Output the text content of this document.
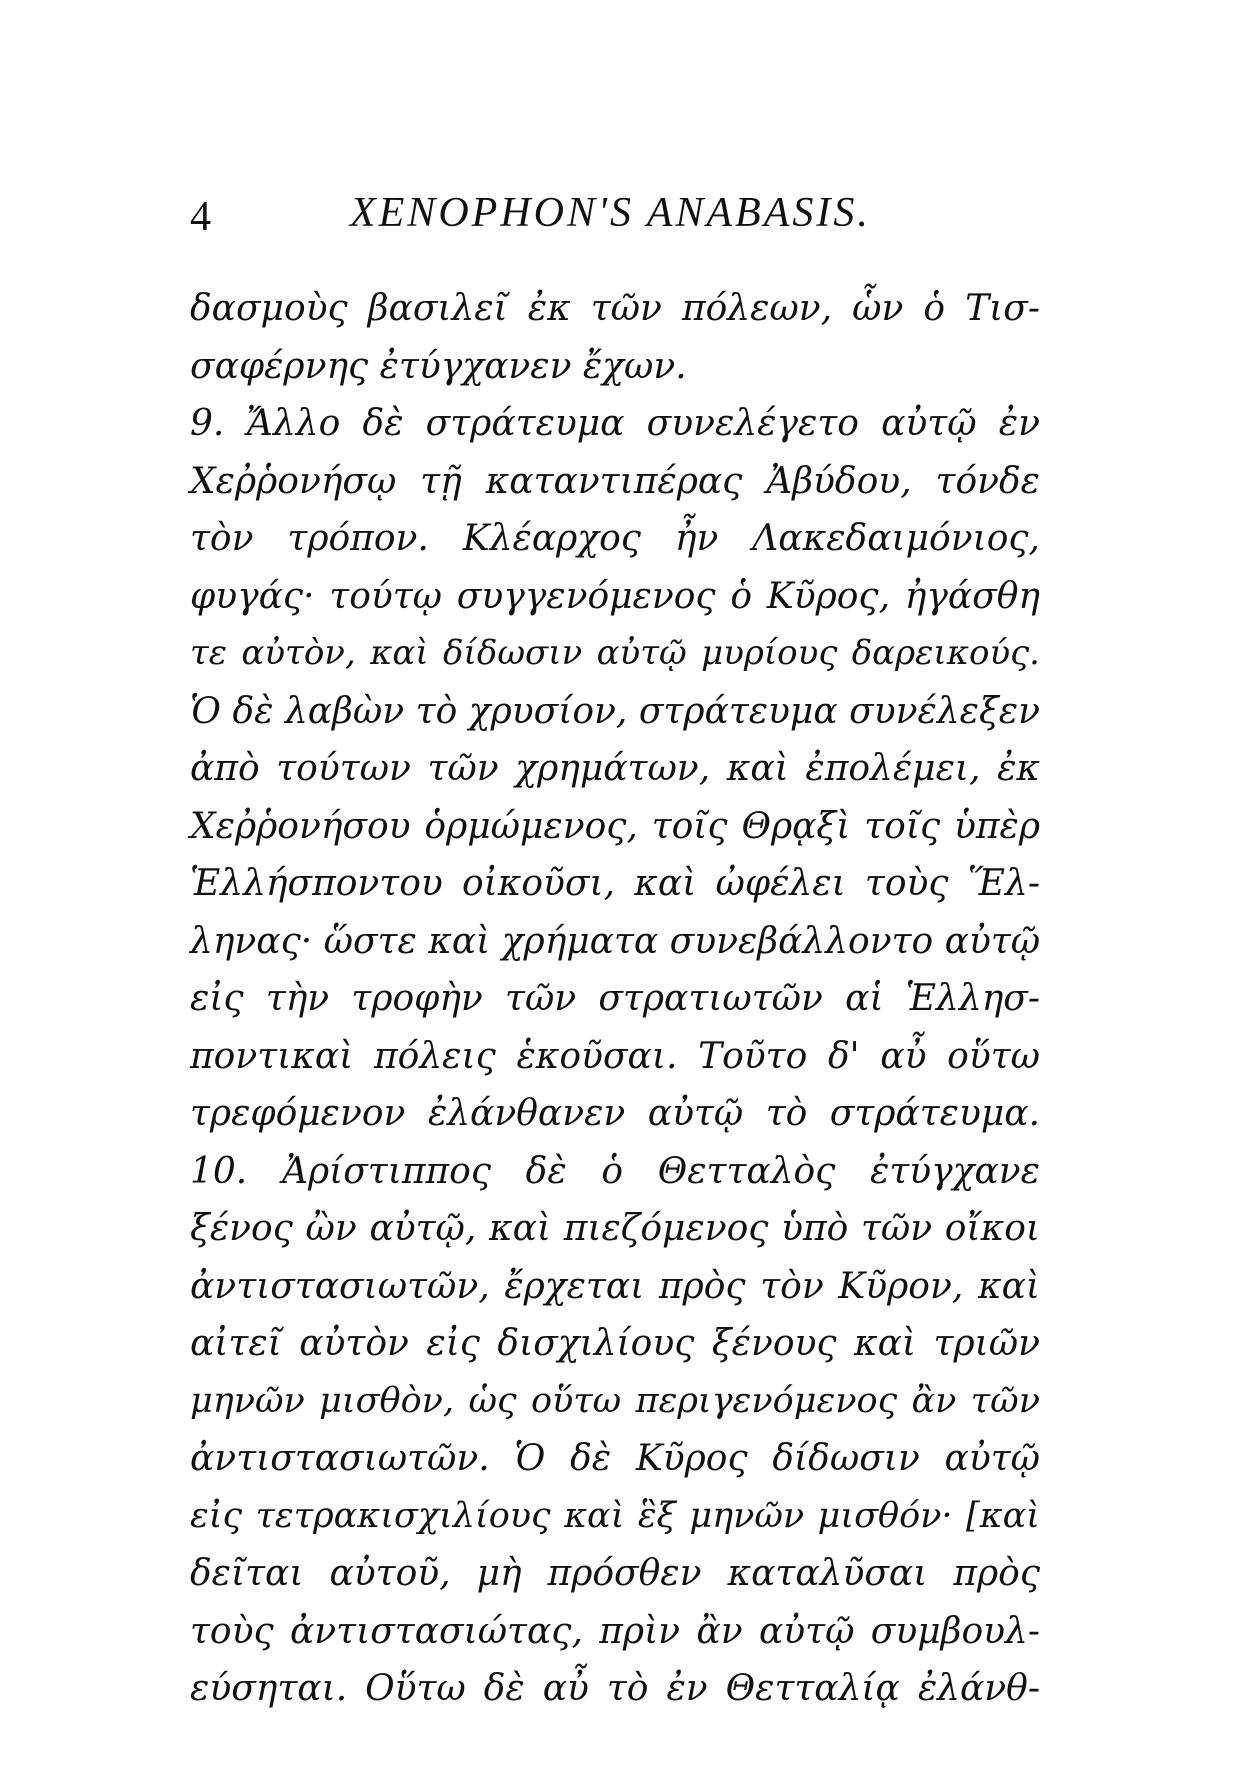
4	XENOPHON'S ANABASIS.
δασμοὺς βασιλεῖ ἐκ τῶν πόλεων, ὧν ὁ Τισ-
σαφέρνης ἐτύγχανεν ἔχων.
9. Ἄλλο δὲ στράτευμα συνελέγετο αὐτῷ ἐν
Χεῤῥονήσῳ τῇ καταντιπέρας Ἀβύδου, τόνδε
τὸν τρόπον. Κλέαρχος ἦν Λακεδαιμόνιος,
φυγάς· τούτῳ συγγενόμενος ὁ Κῦρος, ἠγάσθη
τε αὐτὸν, καὶ δίδωσιν αὐτῷ μυρίους δαρεικούς.
Ὁ δὲ λαβὼν τὸ χρυσίον, στράτευμα συνέλεξεν
ἀπὸ τούτων τῶν χρημάτων, καὶ ἐπολέμει, ἐκ
Χεῤῥονήσου ὁρμώμενος, τοῖς Θρᾳξὶ τοῖς ὑπὲρ
Ἑλλήσποντου οἰκοῦσι, καὶ ὠφέλει τοὺς Ἕλ-
ληνας· ὥστε καὶ χρήματα συνεβάλλοντο αὐτῷ
εἰς τὴν τροφὴν τῶν στρατιωτῶν αἱ Ἑλλησ-
ποντικαὶ πόλεις ἑκοῦσαι. Τοῦτο δ' αὖ οὕτω
τρεφόμενον ἐλάνθανεν αὐτῷ τὸ στράτευμα.
10. Ἀρίστιππος δὲ ὁ Θετταλὸς ἐτύγχανε
ξένος ὢν αὐτῷ, καὶ πιεζόμενος ὑπὸ τῶν οἴκοι
ἀντιστασιωτῶν, ἔρχεται πρὸς τὸν Κῦρον, καὶ
αἰτεῖ αὐτὸν εἰς δισχιλίους ξένους καὶ τριῶν
μηνῶν μισθὸν, ὡς οὕτω περιγενόμενος ἂν τῶν
ἀντιστασιωτῶν. Ὁ δὲ Κῦρος δίδωσιν αὐτῷ
εἰς τετρακισχιλίους καὶ ἓξ μηνῶν μισθόν· [καὶ
δεῖται αὐτοῦ, μὴ πρόσθεν καταλῦσαι πρὸς
τοὺς ἀντιστασιώτας, πρὶν ἂν αὐτῷ συμβουλ-
εύσηται. Οὕτω δὲ αὖ τὸ ἐν Θετταλίᾳ ἐλάνθ-
